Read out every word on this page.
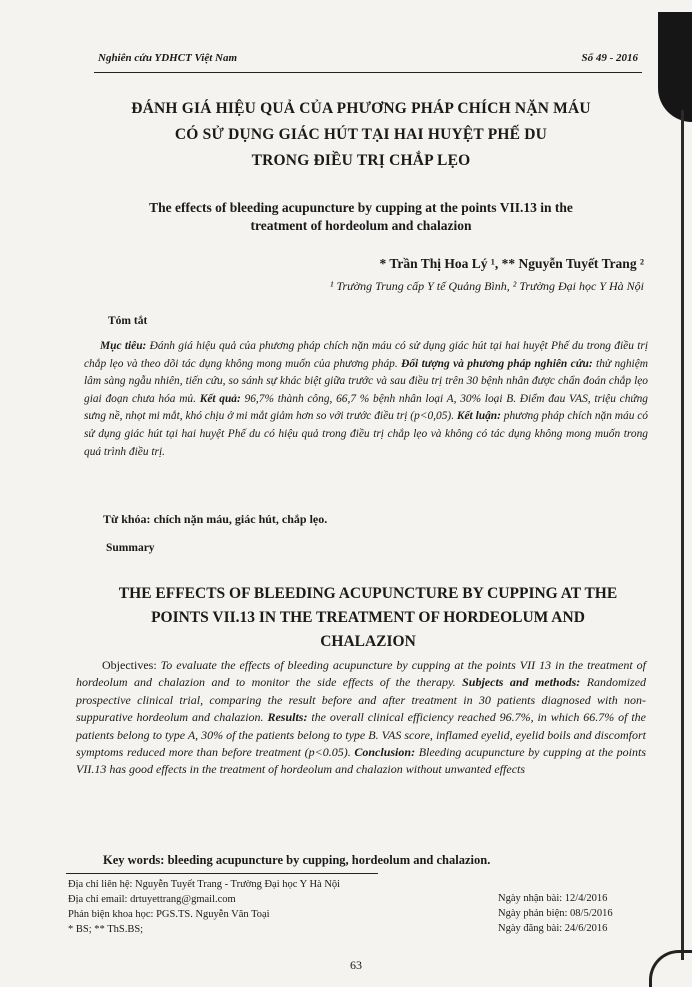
Nghiên cứu YDHCT Việt Nam	Số 49 - 2016
ĐÁNH GIÁ HIỆU QUẢ CỦA PHƯƠNG PHÁP CHÍCH NẶN MÁU
CÓ SỬ DỤNG GIÁC HÚT TẠI HAI HUYỆT PHẾ DU
TRONG ĐIỀU TRỊ CHẮP LẸO
The effects of bleeding acupuncture by cupping at the points VII.13 in the
treatment of hordeolum and chalazion
* Trần Thị Hoa Lý ¹, ** Nguyễn Tuyết Trang ²
¹ Trường Trung cấp Y tế Quảng Bình, ² Trường Đại học Y Hà Nội
Tóm tắt

Mục tiêu: Đánh giá hiệu quả của phương pháp chích nặn máu có sử dụng giác hút tại hai huyệt Phế du trong điều trị chắp lẹo và theo dõi tác dụng không mong muốn của phương pháp. Đối tượng và phương pháp nghiên cứu: thử nghiệm lâm sàng ngẫu nhiên, tiến cứu, so sánh sự khác biệt giữa trước và sau điều trị trên 30 bệnh nhân được chẩn đoán chắp lẹo giai đoạn chưa hóa mủ. Kết quả: 96,7% thành công, 66,7 % bệnh nhân loại A, 30% loại B. Điểm đau VAS, triệu chứng sưng nề, nhọt mi mắt, khó chịu ở mi mắt giảm hơn so với trước điều trị (p<0,05). Kết luận: phương pháp chích nặn máu có sử dụng giác hút tại hai huyệt Phế du có hiệu quả trong điều trị chắp lẹo và không có tác dụng không mong muốn trong quá trình điều trị.

Từ khóa: chích nặn máu, giác hút, chắp lẹo.
Summary
THE EFFECTS OF BLEEDING ACUPUNCTURE BY CUPPING AT THE
POINTS VII.13 IN THE TREATMENT OF HORDEOLUM AND
CHALAZION

Objectives: To evaluate the effects of bleeding acupuncture by cupping at the points VII 13 in the treatment of hordeolum and chalazion and to monitor the side effects of the therapy. Subjects and methods: Randomized prospective clinical trial, comparing the result before and after treatment in 30 patients diagnosed with non-suppurative hordeolum and chalazion. Results: the overall clinical efficiency reached 96.7%, in which 66.7% of the patients belong to type A, 30% of the patients belong to type B. VAS score, inflamed eyelid, eyelid boils and discomfort symptoms reduced more than before treatment (p<0.05). Conclusion: Bleeding acupuncture by cupping at the points VII.13 has good effects in the treatment of hordeolum and chalazion without unwanted effects

Key words: bleeding acupuncture by cupping, hordeolum and chalazion.
Địa chỉ liên hệ: Nguyễn Tuyết Trang - Trường Đại học Y Hà Nội
Địa chỉ email: drtuyettrang@gmail.com
Phản biện khoa học: PGS.TS. Nguyễn Văn Toại
* BS; ** ThS.BS;
Ngày nhận bài: 12/4/2016
Ngày phản biện: 08/5/2016
Ngày đăng bài: 24/6/2016
63
